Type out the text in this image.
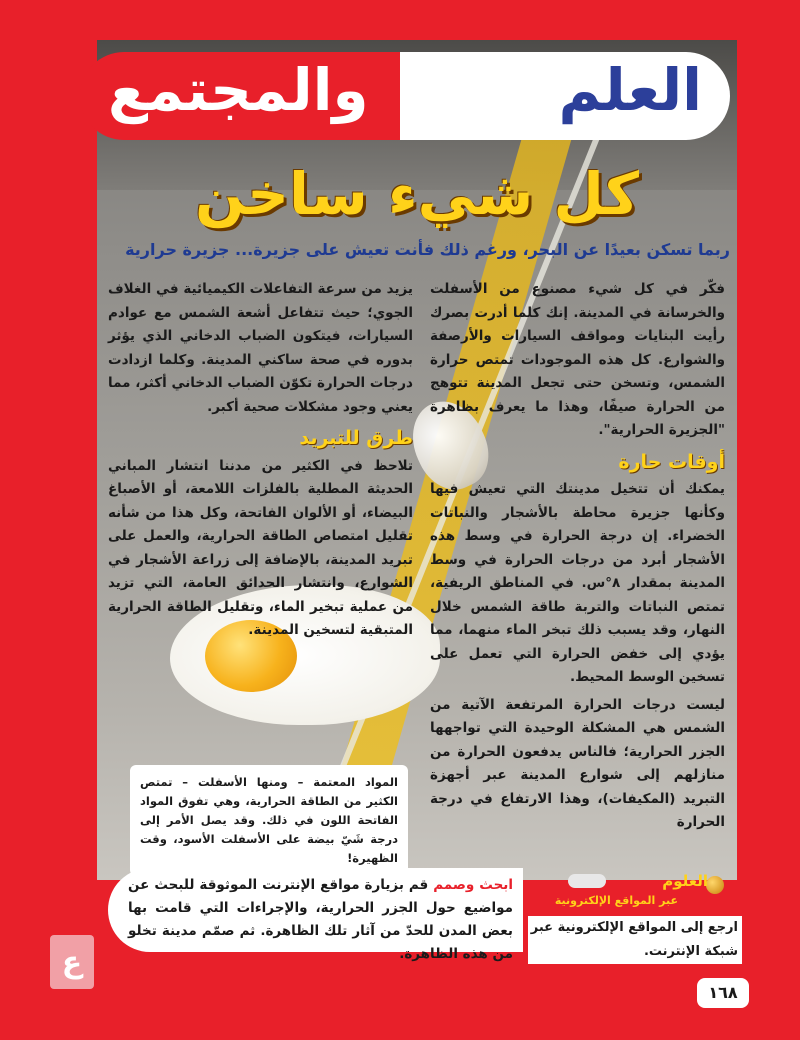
العلم
والمجتمع
كل شيء ساخن
ربما تسكن بعيدًا عن البحر، ورغم ذلك فأنت تعيش على جزيرة... جزيرة حرارية

فكّر في كل شيء مصنوع من الأسفلت والخرسانة في المدينة. إنك كلما أدرت بصرك رأيت البنايات ومواقف السيارات والأرصفة والشوارع. كل هذه الموجودات تمتص حرارة الشمس، وتسخن حتى تجعل المدينة تتوهج من الحرارة صيفًا، وهذا ما يعرف بظاهرة "الجزيرة الحرارية".

أوقات حارة

يمكنك أن تتخيل مدينتك التي تعيش فيها وكأنها جزيرة محاطة بالأشجار والنباتات الخضراء. إن درجة الحرارة في وسط هذه الأشجار أبرد من درجات الحرارة في وسط المدينة بمقدار ٨°س. في المناطق الريفية، تمتص النباتات والتربة طاقة الشمس خلال النهار، وقد يسبب ذلك تبخر الماء منهما، مما يؤدي إلى خفض الحرارة التي تعمل على تسخين الوسط المحيط.

ليست درجات الحرارة المرتفعة الآتية من الشمس هي المشكلة الوحيدة التي تواجهها الجزر الحرارية؛ فالناس يدفعون الحرارة من منازلهم إلى شوارع المدينة عبر أجهزة التبريد (المكيفات)، وهذا الارتفاع في درجة الحرارة

يزيد من سرعة التفاعلات الكيميائية في الغلاف الجوي؛ حيث تتفاعل أشعة الشمس مع عوادم السيارات، فيتكون الضباب الدخاني الذي يؤثر بدوره في صحة ساكني المدينة. وكلما ازدادت درجات الحرارة تكوّن الضباب الدخاني أكثر، مما يعني وجود مشكلات صحية أكبر.

طرق للتبريد

تلاحظ في الكثير من مدننا انتشار المباني الحديثة المطلية بالفلزات اللامعة، أو الأصباغ البيضاء، أو الألوان الفاتحة، وكل هذا من شأنه تقليل امتصاص الطاقة الحرارية، والعمل على تبريد المدينة، بالإضافة إلى زراعة الأشجار في الشوارع، وانتشار الحدائق العامة، التي تزيد من عملية تبخير الماء، وتقليل الطاقة الحرارية المتبقية لتسخين المدينة.

المواد المعتمة – ومنها الأسفلت – تمتص الكثير من الطاقة الحرارية، وهي تفوق المواد الفاتحة اللون في ذلك. وقد يصل الأمر إلى درجة شَيّ بيضة على الأسفلت الأسود، وقت الظهيرة!
ابحث وصمم قم بزيارة مواقع الإنترنت الموثوقة للبحث عن مواضيع حول الجزر الحرارية، والإجراءات التي قامت بها بعض المدن للحدّ من آثار تلك الظاهرة. ثم صمّم مدينة تخلو من هذه الظاهرة.
العلوم
عبر المواقع الإلكترونية
ارجع إلى المواقع الإلكترونية عبر شبكة الإنترنت.
ع
١٦٨
